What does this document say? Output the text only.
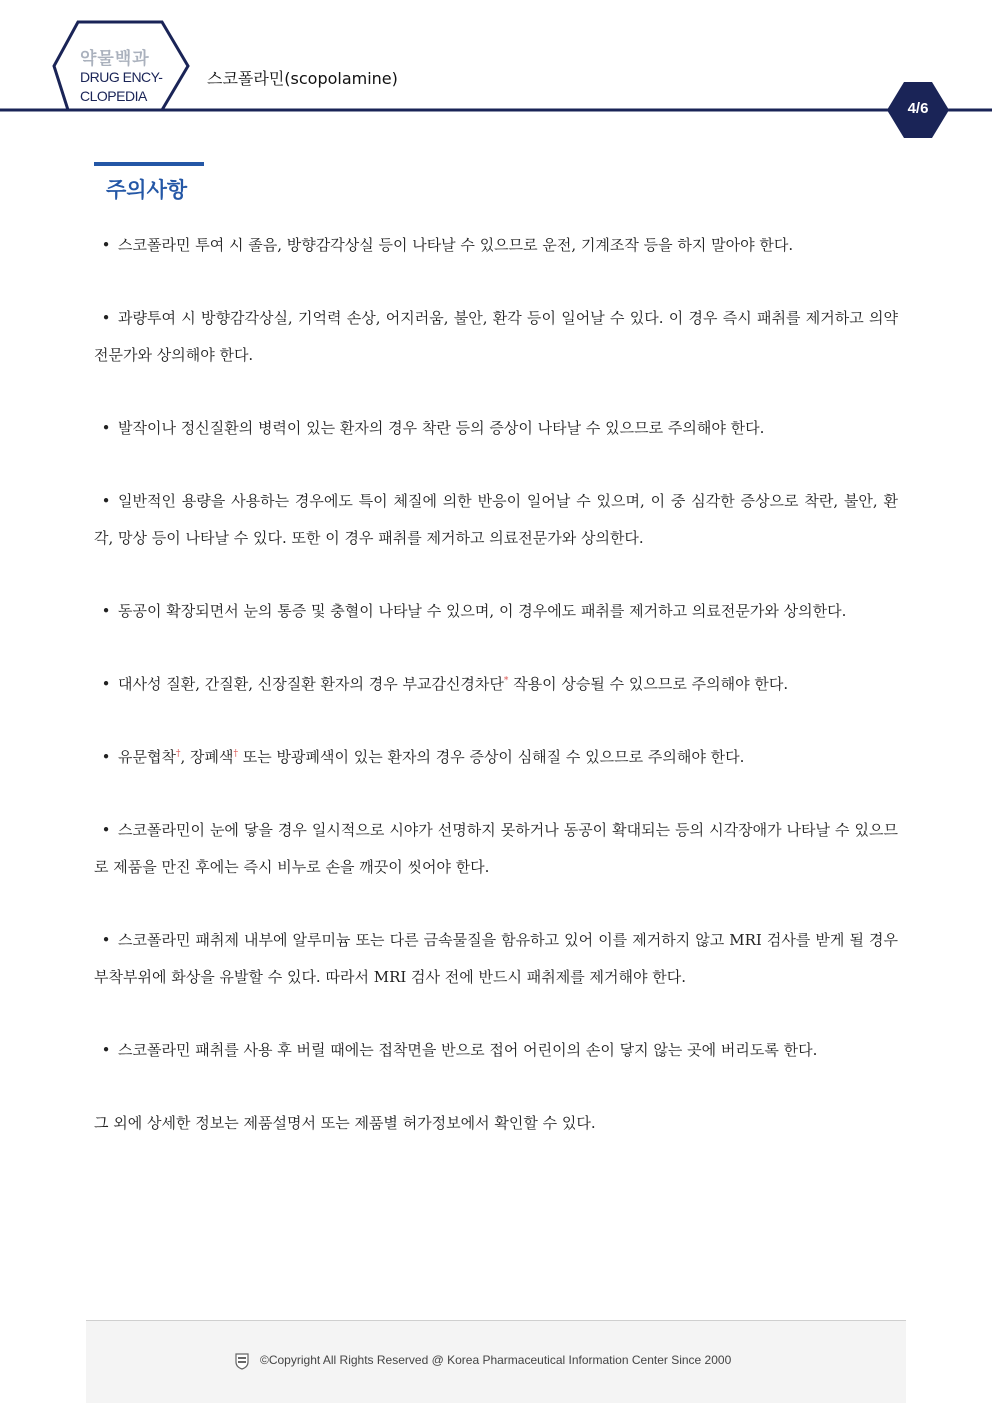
약물백과
DRUG ENCY-
CLOPEDIA
스코폴라민(scopolamine)
4/6
주의사항

• 스코폴라민 투여 시 졸음, 방향감각상실 등이 나타날 수 있으므로 운전, 기계조작 등을 하지 말아야 한다.

• 과량투여 시 방향감각상실, 기억력 손상, 어지러움, 불안, 환각 등이 일어날 수 있다. 이 경우 즉시 패취를 제거하고 의약전문가와 상의해야 한다.

• 발작이나 정신질환의 병력이 있는 환자의 경우 착란 등의 증상이 나타날 수 있으므로 주의해야 한다.

• 일반적인 용량을 사용하는 경우에도 특이 체질에 의한 반응이 일어날 수 있으며, 이 중 심각한 증상으로 착란, 불안, 환각, 망상 등이 나타날 수 있다. 또한 이 경우 패취를 제거하고 의료전문가와 상의한다.

• 동공이 확장되면서 눈의 통증 및 충혈이 나타날 수 있으며, 이 경우에도 패취를 제거하고 의료전문가와 상의한다.

• 대사성 질환, 간질환, 신장질환 환자의 경우 부교감신경차단* 작용이 상승될 수 있으므로 주의해야 한다.

• 유문협착†, 장폐색† 또는 방광폐색이 있는 환자의 경우 증상이 심해질 수 있으므로 주의해야 한다.

• 스코폴라민이 눈에 닿을 경우 일시적으로 시야가 선명하지 못하거나 동공이 확대되는 등의 시각장애가 나타날 수 있으므로 제품을 만진 후에는 즉시 비누로 손을 깨끗이 씻어야 한다.

• 스코폴라민 패취제 내부에 알루미늄 또는 다른 금속물질을 함유하고 있어 이를 제거하지 않고 MRI 검사를 받게 될 경우 부착부위에 화상을 유발할 수 있다. 따라서 MRI 검사 전에 반드시 패취제를 제거해야 한다.

• 스코폴라민 패취를 사용 후 버릴 때에는 접착면을 반으로 접어 어린이의 손이 닿지 않는 곳에 버리도록 한다.

그 외에 상세한 정보는 제품설명서 또는 제품별 허가정보에서 확인할 수 있다.

©Copyright All Rights Reserved @ Korea Pharmaceutical Information Center Since 2000
